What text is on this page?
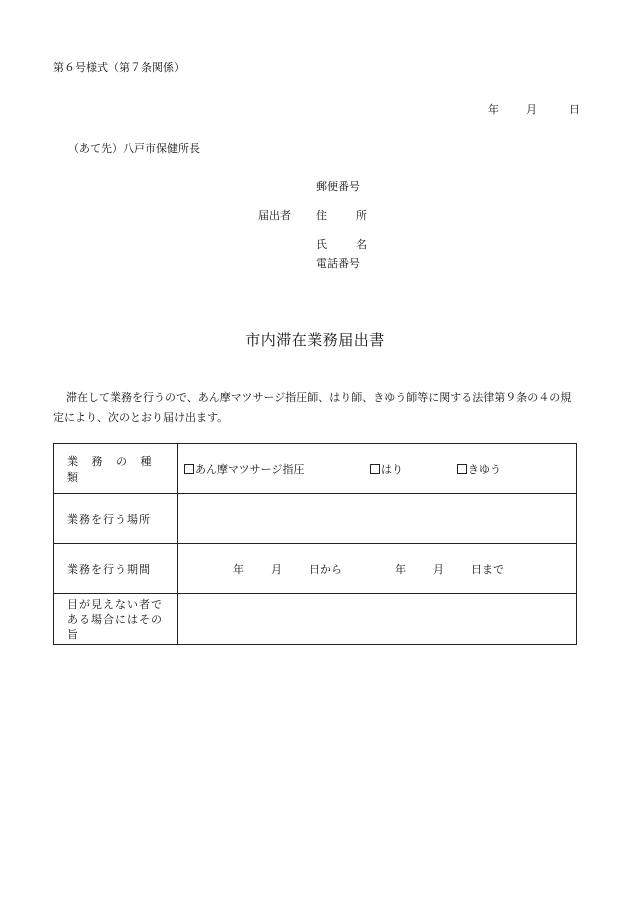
第６号様式（第７条関係）
年 月	日
（あて先）八戸市保健所長
届出者
郵便番号
住	所
氏	名
電話番号
市内滞在業務届出書
滞在して業務を行うので、あん摩マツサージ指圧師、はり師、きゆう師等に関する法律第９条の４の規定により、次のとおり届け出ます。
業 務 の 種 類	あん摩マツサージ指圧 はり きゆう
業務を行う場所	
業務を行う期間	年 月 日から 年 月 日まで
目が見えない者である場合にはその旨	
